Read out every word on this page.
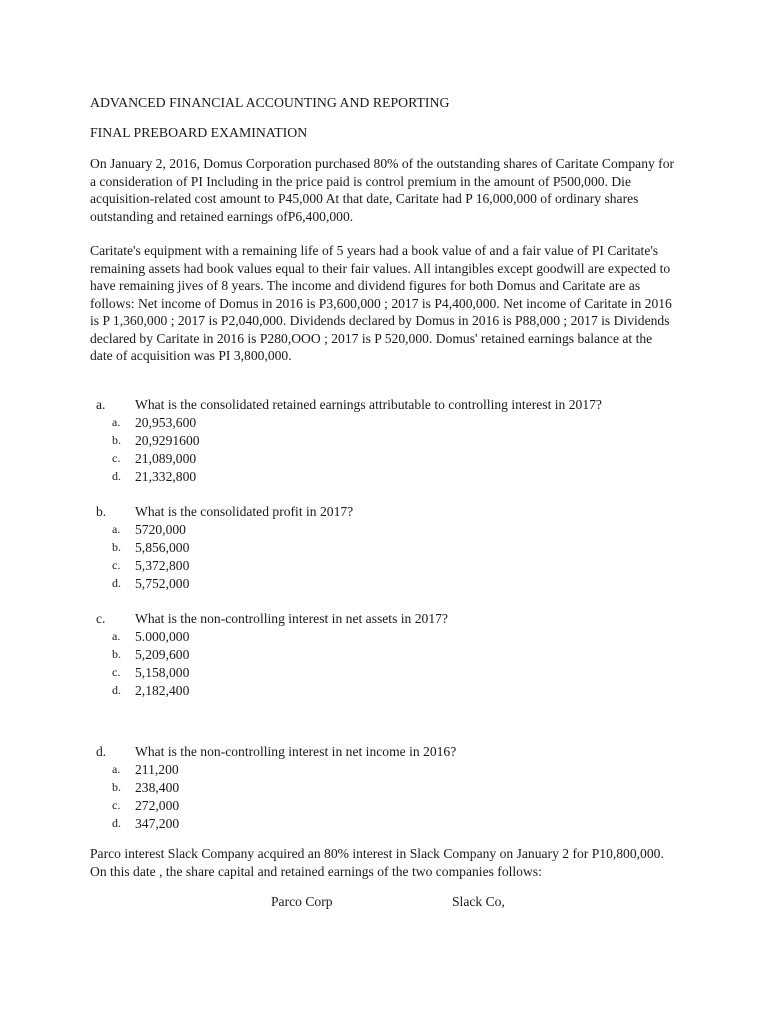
ADVANCED FINANCIAL ACCOUNTING AND REPORTING
FINAL PREBOARD EXAMINATION

On January 2, 2016, Domus Corporation purchased 80% of the outstanding shares of Caritate Company for a consideration of PI Including in the price paid is control premium in the amount of P500,000. Die acquisition-related cost amount to P45,000 At that date, Caritate had P 16,000,000 of ordinary shares outstanding and retained earnings ofP6,400,000.

Caritate's equipment with a remaining life of 5 years had a book value of and a fair value of PI Caritate's remaining assets had book values equal to their fair values. All intangibles except goodwill are expected to have remaining jives of 8 years. The income and dividend figures for both Domus and Caritate are as follows: Net income of Domus in 2016 is P3,600,000 ; 2017 is P4,400,000. Net income of Caritate in 2016 is P 1,360,000 ; 2017 is P2,040,000. Dividends declared by Domus in 2016 is P88,000 ; 2017 is Dividends declared by Caritate in 2016 is P280,OOO ; 2017 is P 520,000. Domus' retained earnings balance at the date of acquisition was PI 3,800,000.

a. What is the consolidated retained earnings attributable to controlling interest in 2017?
a. 20,953,600
b. 20,9291600
c. 21,089,000
d. 21,332,800
b. What is the consolidated profit in 2017?
a. 5720,000
b. 5,856,000
c. 5,372,800
d. 5,752,000
c. What is the non-controlling interest in net assets in 2017?
a. 5.000,000
b. 5,209,600
c. 5,158,000
d. 2,182,400
d. What is the non-controlling interest in net income in 2016?
a. 211,200
b. 238,400
c. 272,000
d. 347,200

Parco interest Slack Company acquired an 80% interest in Slack Company on January 2 for P10,800,000. On this date , the share capital and retained earnings of the two companies follows:

Parco Corp	Slack Co,
